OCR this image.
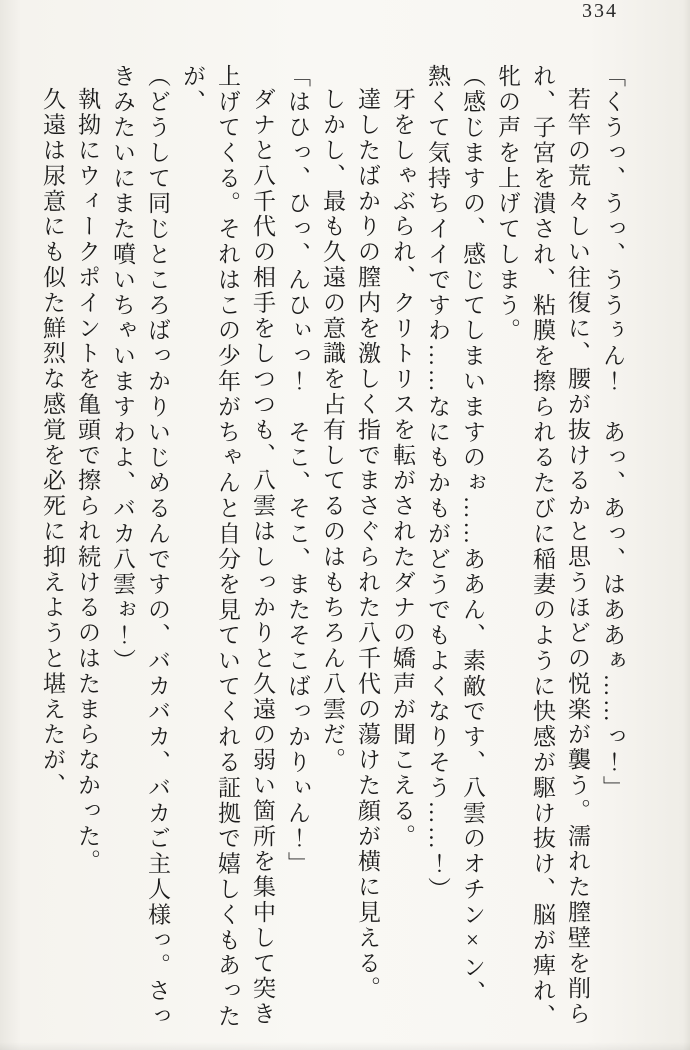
334

「くうっ、うっ、ううぅん！　あっ、あっ、はああぁ……っ！」

若竿の荒々しい往復に、腰が抜けるかと思うほどの悦楽が襲う。濡れた膣壁を削られ、子宮を潰され、粘膜を擦られるたびに稲妻のように快感が駆け抜け、脳が痺れ、牝の声を上げてしまう。

（感じますの、感じてしまいますのぉ……ああん、素敵です、八雲のオチン×ン、熱くて気持ちイイですわ……なにもかもがどうでもよくなりそう……！）

牙をしゃぶられ、クリトリスを転がされたダナの嬌声が聞こえる。

達したばかりの膣内を激しく指でまさぐられた八千代の蕩けた顔が横に見える。

しかし、最も久遠の意識を占有してるのはもちろん八雲だ。

「はひっ、ひっ、んひぃっ！　そこ、そこ、またそこばっかりぃん！」

ダナと八千代の相手をしつつも、八雲はしっかりと久遠の弱い箇所を集中して突き上げてくる。それはこの少年がちゃんと自分を見ていてくれる証拠で嬉しくもあったが、

（どうして同じところばっかりいじめるんですの、バカバカ、バカご主人様っ。さっきみたいにまた噴いちゃいますわよ、バカ八雲ぉ！）

執拗にウィークポイントを亀頭で擦られ続けるのはたまらなかった。

久遠は尿意にも似た鮮烈な感覚を必死に抑えようと堪えたが、
